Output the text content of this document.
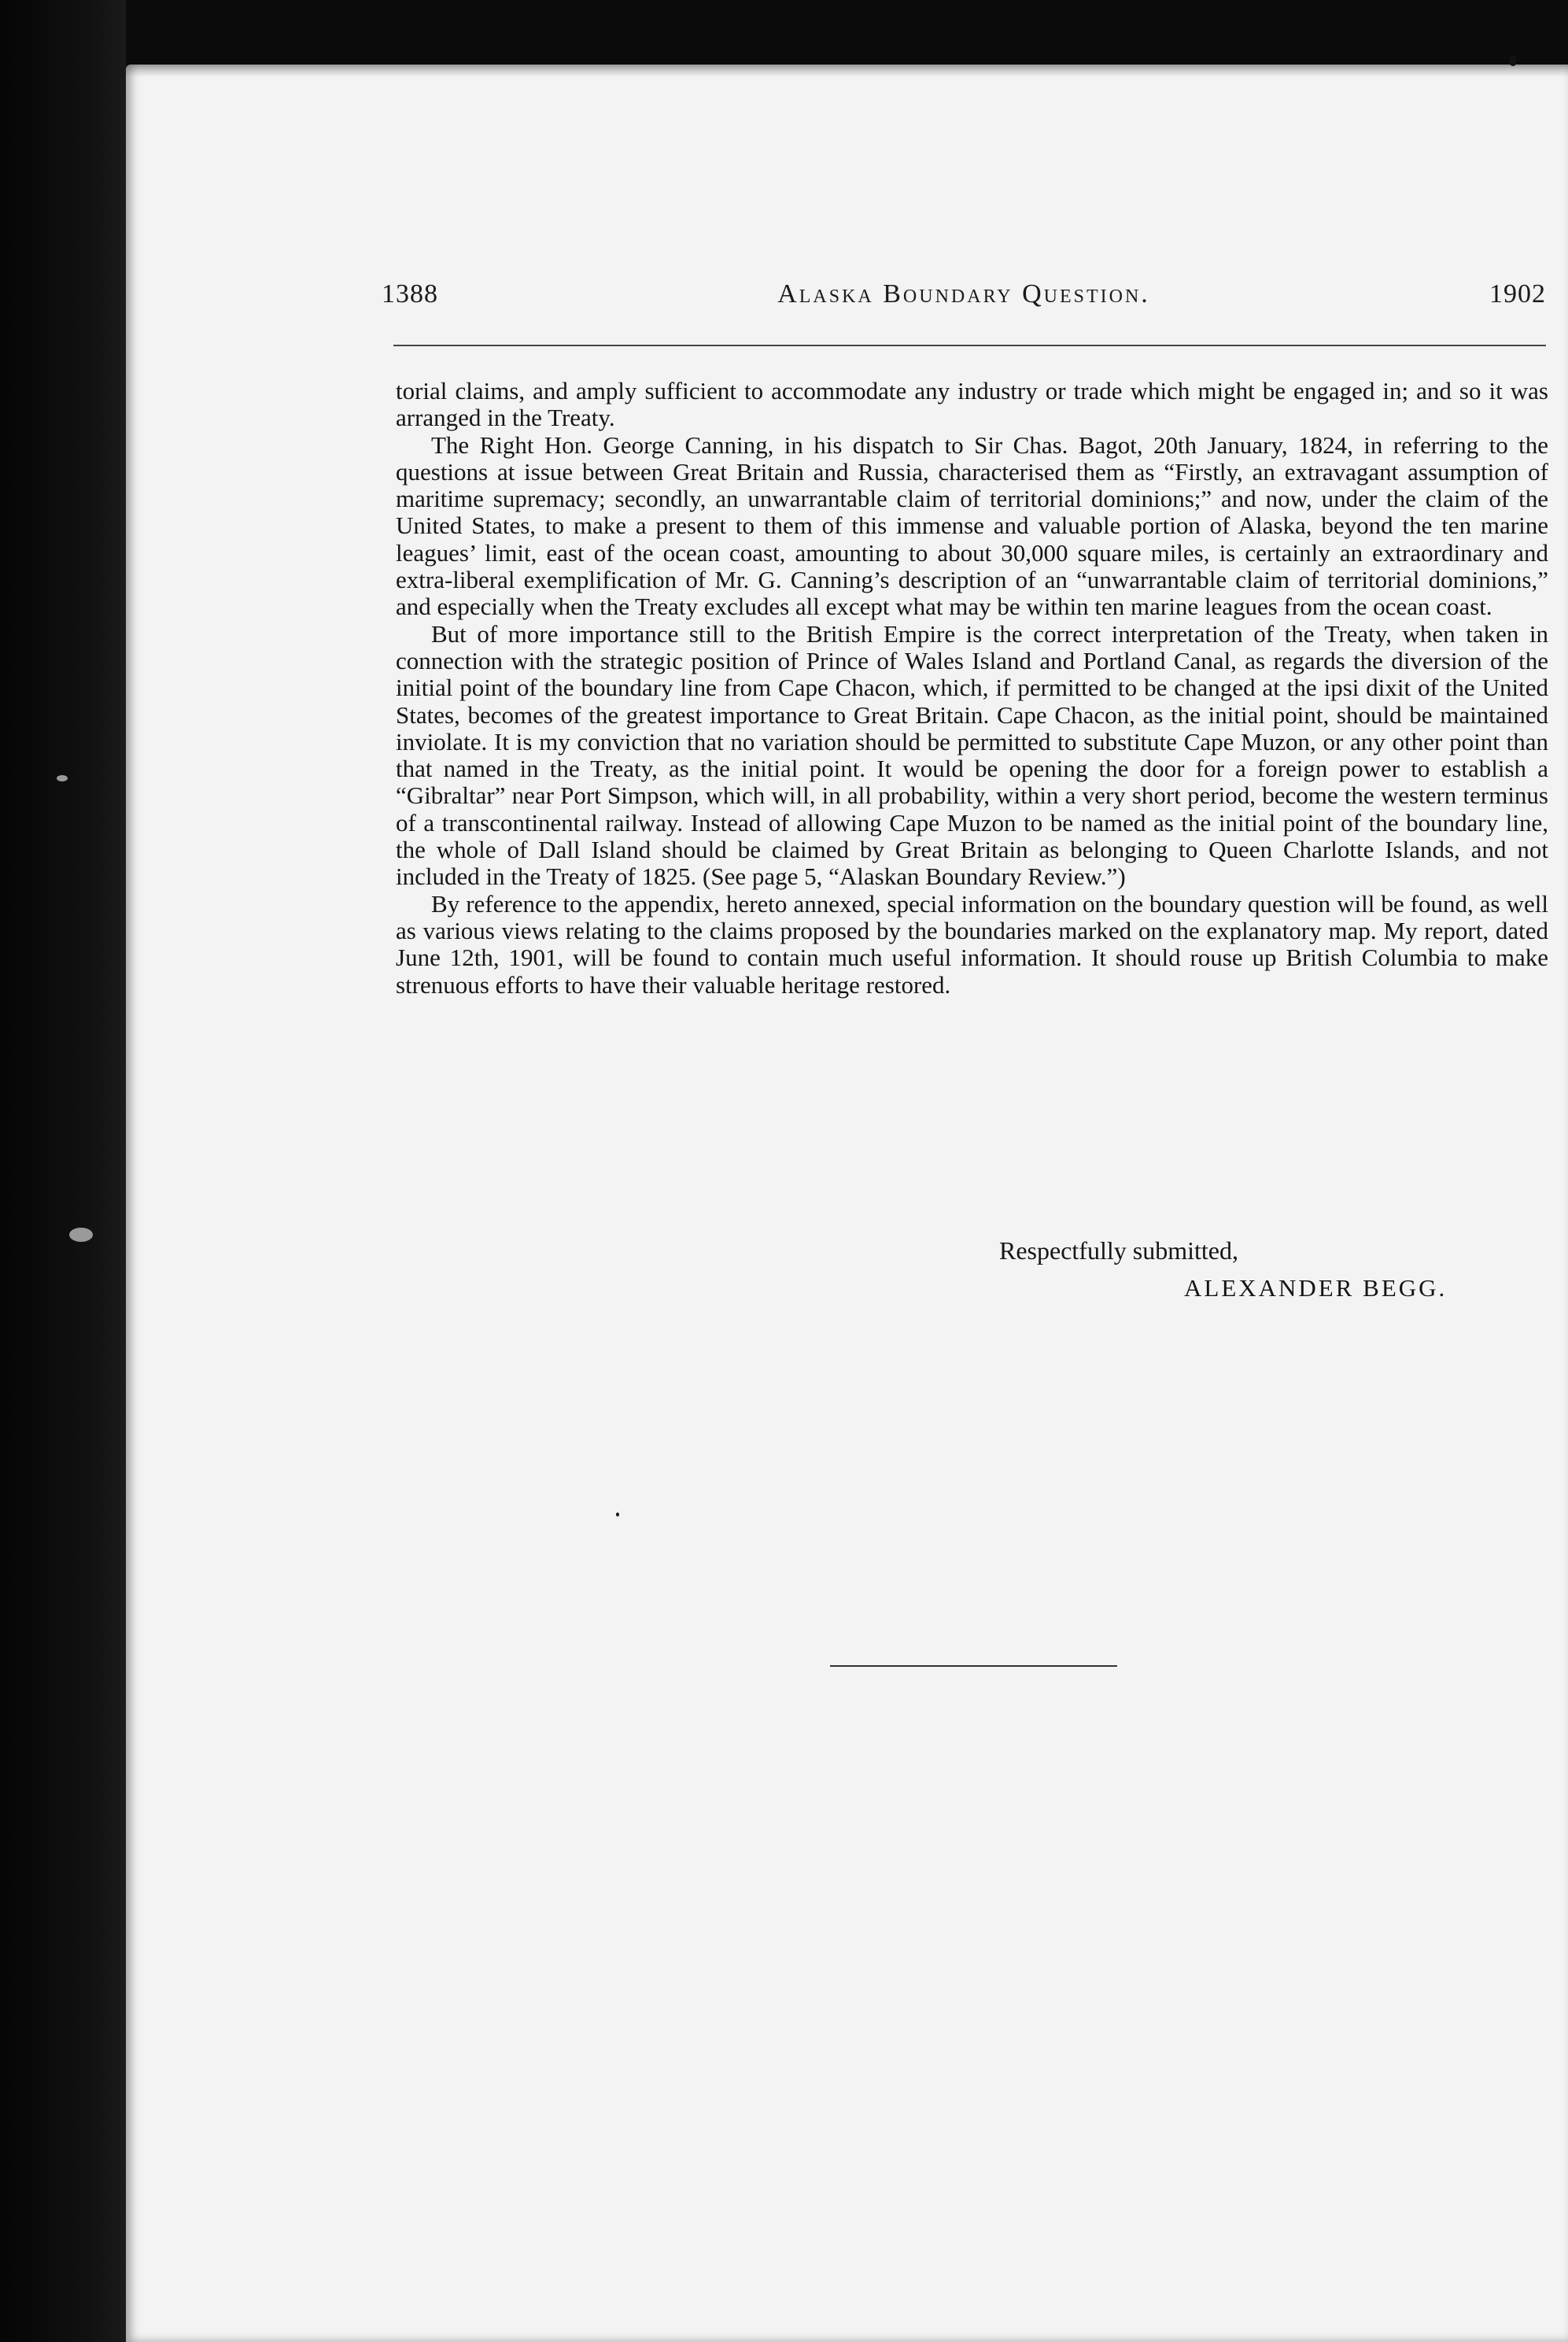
1388	Alaska Boundary Question.	1902

torial claims, and amply sufficient to accommodate any industry or trade which might be engaged in; and so it was arranged in the Treaty.

The Right Hon. George Canning, in his dispatch to Sir Chas. Bagot, 20th January, 1824, in referring to the questions at issue between Great Britain and Russia, characterised them as “Firstly, an extravagant assumption of maritime supremacy; secondly, an unwarrantable claim of territorial dominions;” and now, under the claim of the United States, to make a present to them of this immense and valuable portion of Alaska, beyond the ten marine leagues’ limit, east of the ocean coast, amounting to about 30,000 square miles, is certainly an extraordinary and extra-liberal exemplification of Mr. G. Canning’s description of an “unwarrantable claim of territorial dominions,” and especially when the Treaty excludes all except what may be within ten marine leagues from the ocean coast.

But of more importance still to the British Empire is the correct interpretation of the Treaty, when taken in connection with the strategic position of Prince of Wales Island and Portland Canal, as regards the diversion of the initial point of the boundary line from Cape Chacon, which, if permitted to be changed at the ipsi dixit of the United States, becomes of the greatest importance to Great Britain. Cape Chacon, as the initial point, should be maintained inviolate. It is my conviction that no variation should be permitted to substitute Cape Muzon, or any other point than that named in the Treaty, as the initial point. It would be opening the door for a foreign power to establish a “Gibraltar” near Port Simpson, which will, in all probability, within a very short period, become the western terminus of a transcontinental railway. Instead of allowing Cape Muzon to be named as the initial point of the boundary line, the whole of Dall Island should be claimed by Great Britain as belonging to Queen Charlotte Islands, and not included in the Treaty of 1825. (See page 5, “Alaskan Boundary Review.”)

By reference to the appendix, hereto annexed, special information on the boundary question will be found, as well as various views relating to the claims proposed by the boundaries marked on the explanatory map. My report, dated June 12th, 1901, will be found to contain much useful information. It should rouse up British Columbia to make strenuous efforts to have their valuable heritage restored.

Respectfully submitted,
ALEXANDER BEGG.
